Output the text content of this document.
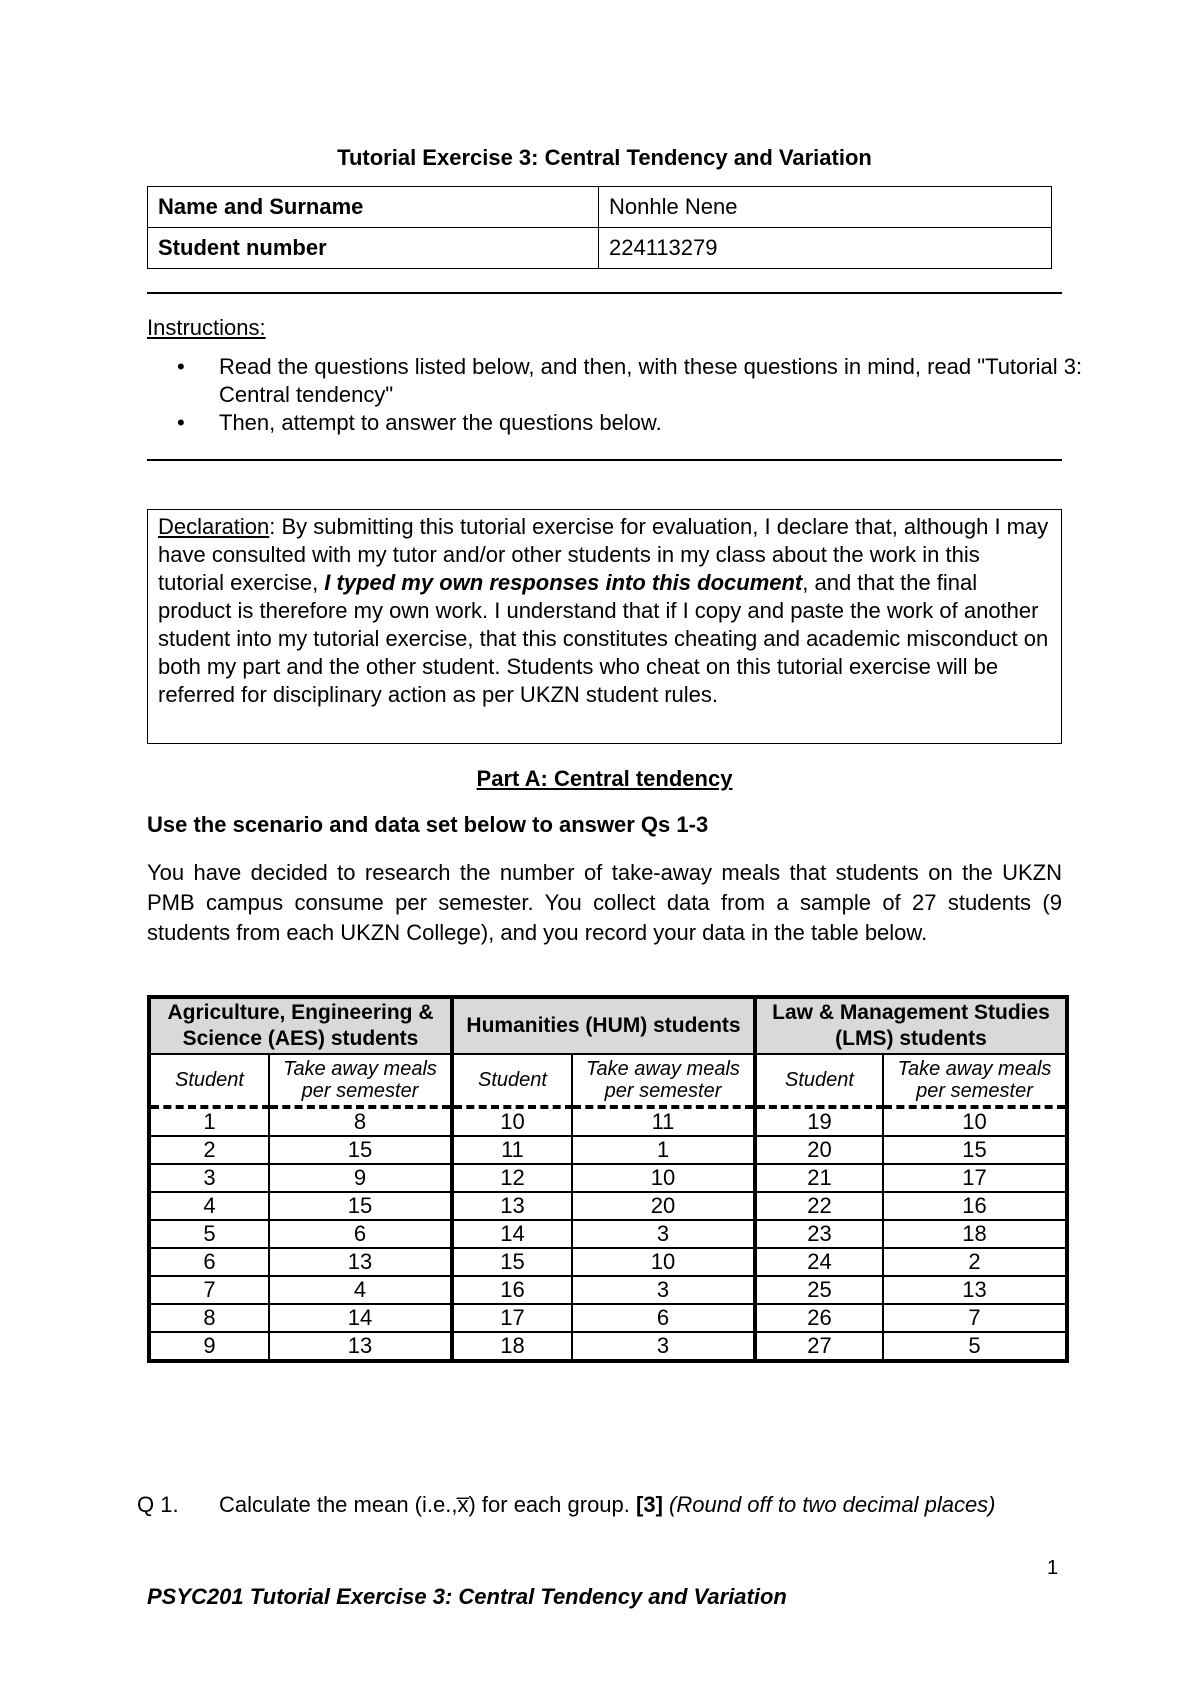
Tutorial Exercise 3: Central Tendency and Variation
Name and Surname	Nonhle Nene
Student number	224113279
Instructions:
• Read the questions listed below, and then, with these questions in mind, read "Tutorial 3: Central tendency"
• Then, attempt to answer the questions below.
Declaration: By submitting this tutorial exercise for evaluation, I declare that, although I may have consulted with my tutor and/or other students in my class about the work in this tutorial exercise, I typed my own responses into this document, and that the final product is therefore my own work. I understand that if I copy and paste the work of another student into my tutorial exercise, that this constitutes cheating and academic misconduct on both my part and the other student. Students who cheat on this tutorial exercise will be referred for disciplinary action as per UKZN student rules.
Part A: Central tendency
Use the scenario and data set below to answer Qs 1-3
You have decided to research the number of take-away meals that students on the UKZN PMB campus consume per semester. You collect data from a sample of 27 students (9 students from each UKZN College), and you record your data in the table below.
Agriculture, Engineering & Science (AES) students		Humanities (HUM) students		Law & Management Studies (LMS) students	
Student	Take away meals per semester	Student	Take away meals per semester	Student	Take away meals per semester
1	8	10	11	19	10
2	15	11	1	20	15
3	9	12	10	21	17
4	15	13	20	22	16
5	6	14	3	23	18
6	13	15	10	24	2
7	4	16	3	25	13
8	14	17	6	26	7
9	13	18	3	27	5
Q 1. Calculate the mean (i.e.,x̅) for each group. [3] (Round off to two decimal places)
1
PSYC201 Tutorial Exercise 3: Central Tendency and Variation
